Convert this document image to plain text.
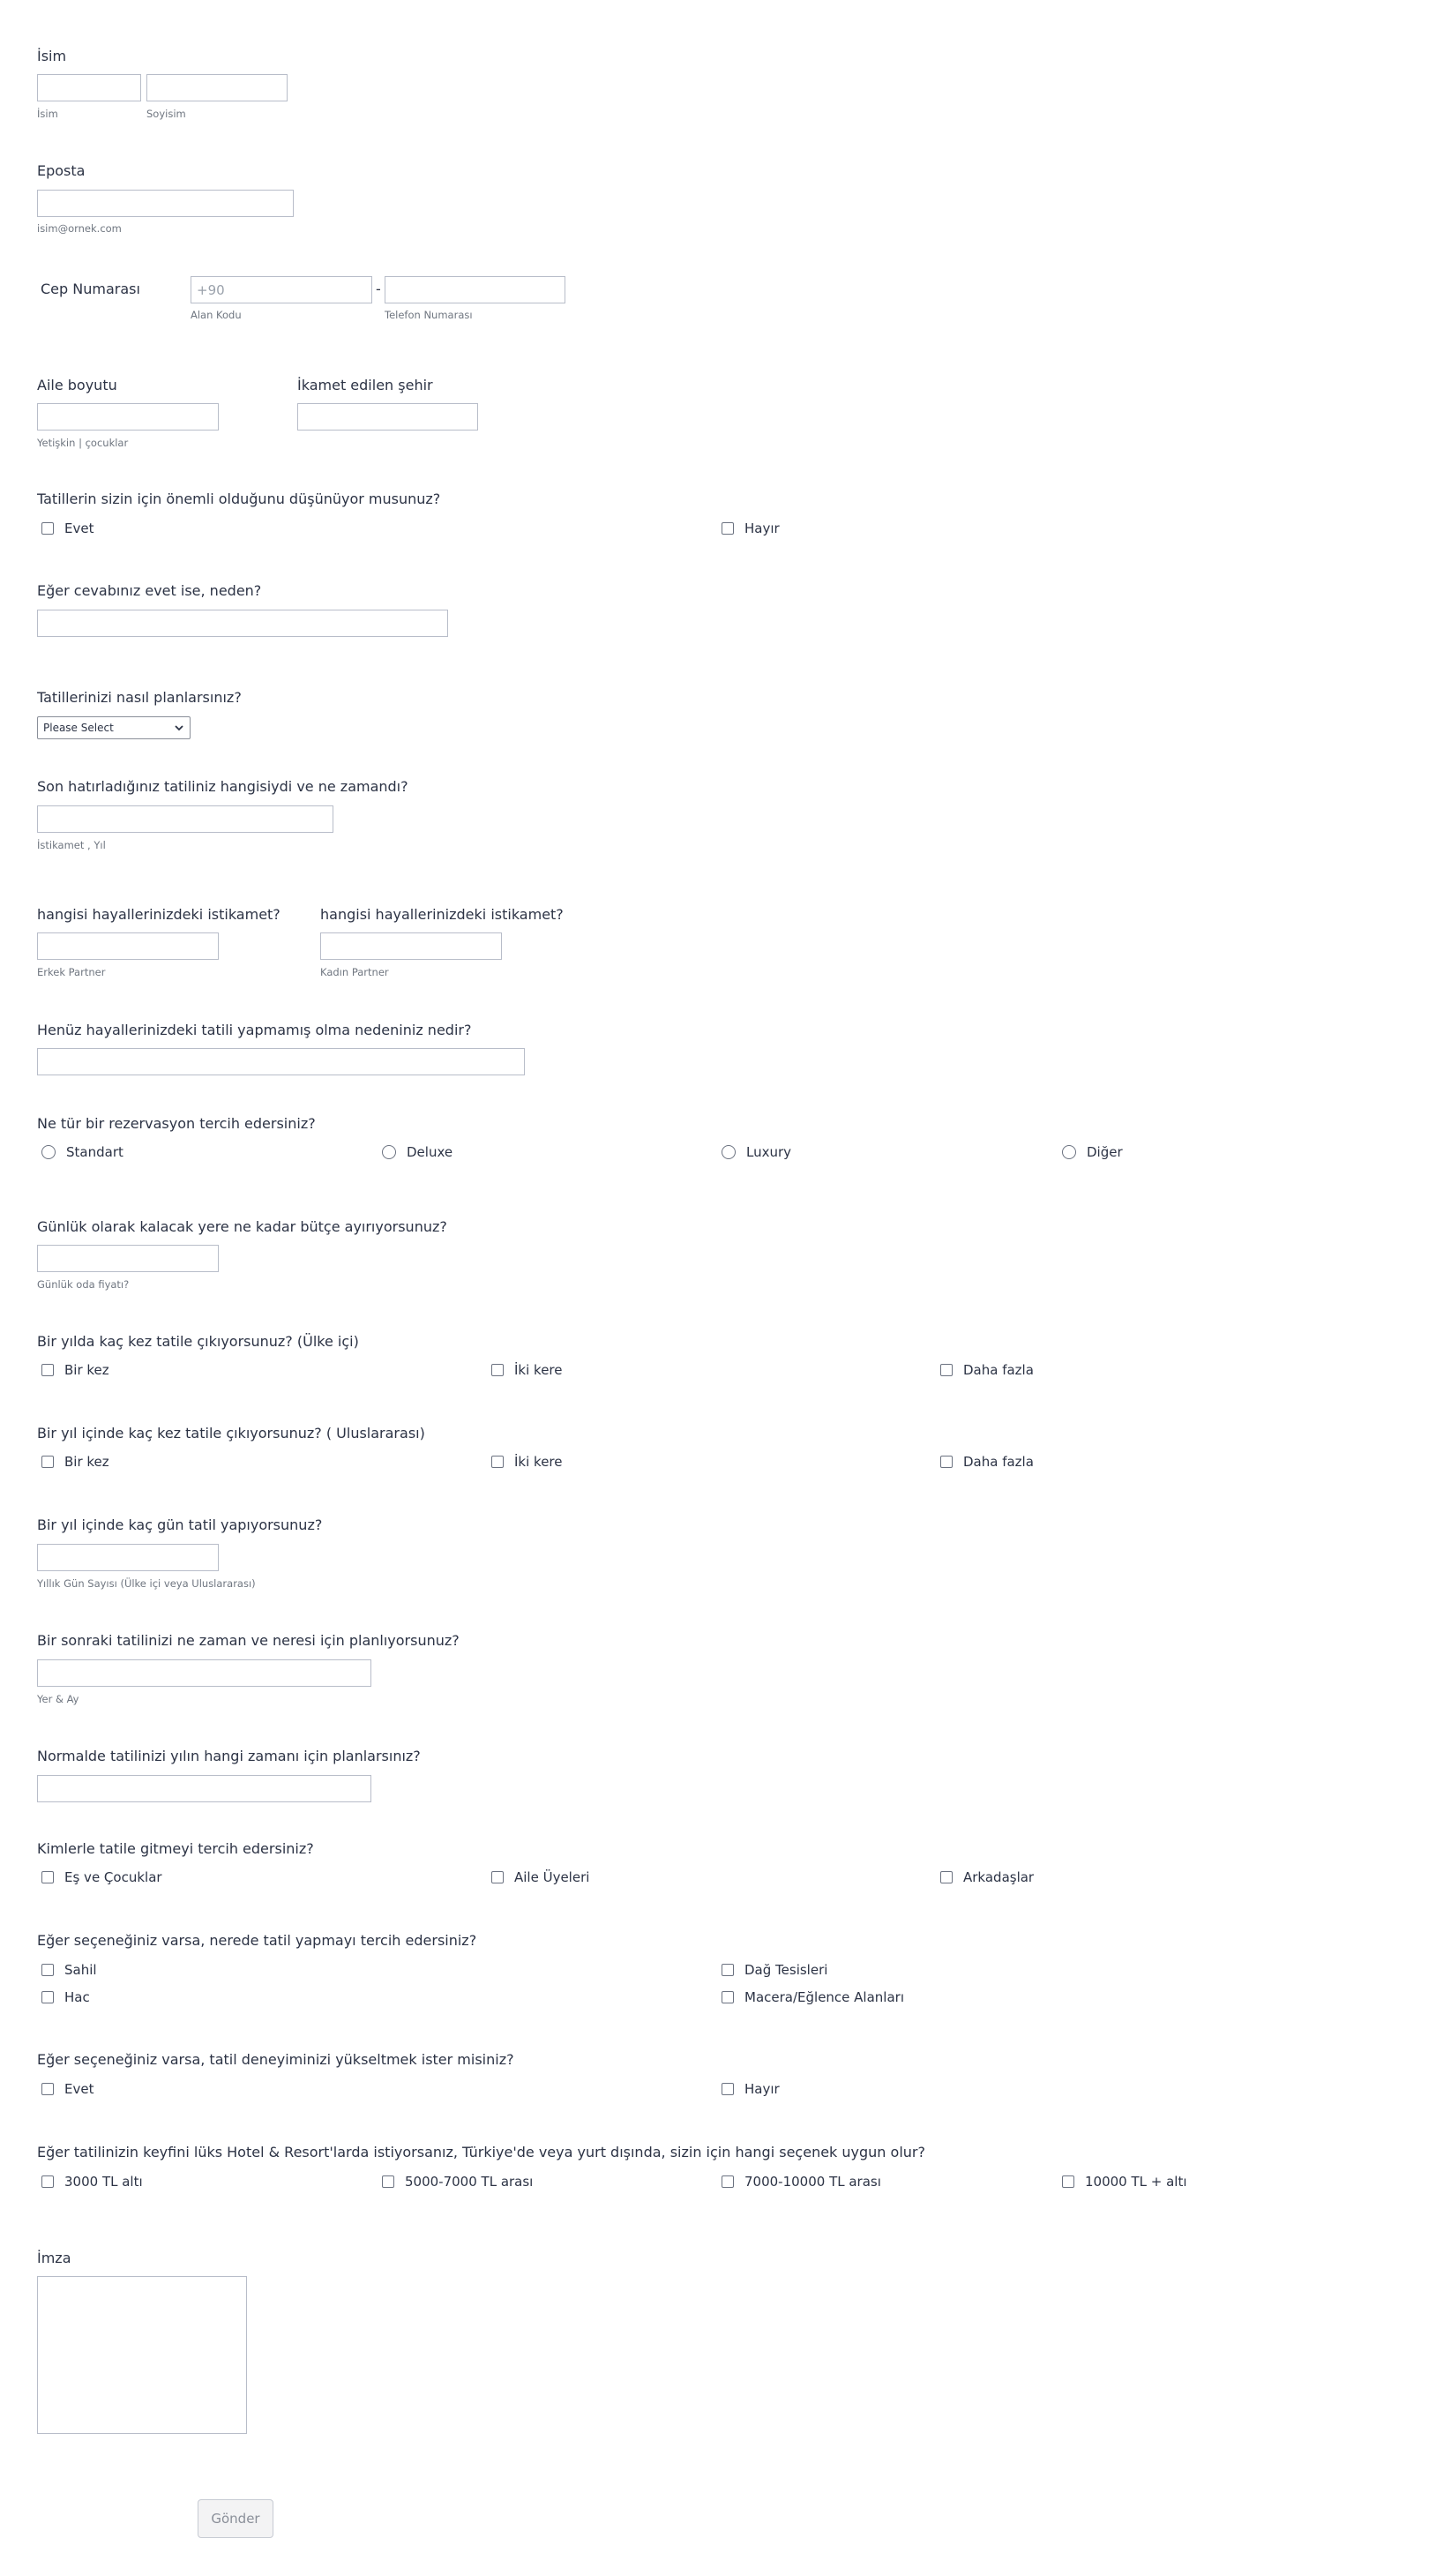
İsim
İsim	Soyisim
Eposta
isim@ornek.com
Cep Numarası
+90	-
Alan Kodu	Telefon Numarası
Aile boyutu
Yetişkin | çocuklar
İkamet edilen şehir
Tatillerin sizin için önemli olduğunu düşünüyor musunuz?
Evet	Hayır
Eğer cevabınız evet ise, neden?
Tatillerinizi nasıl planlarsınız?
Please Select
Son hatırladığınız tatiliniz hangisiydi ve ne zamandı?
İstikamet , Yıl
hangisi hayallerinizdeki istikamet?
Erkek Partner
hangisi hayallerinizdeki istikamet?
Kadın Partner
Henüz hayallerinizdeki tatili yapmamış olma nedeniniz nedir?
Ne tür bir rezervasyon tercih edersiniz?
Standart	Deluxe	Luxury	Diğer
Günlük olarak kalacak yere ne kadar bütçe ayırıyorsunuz?
Günlük oda fiyatı?
Bir yılda kaç kez tatile çıkıyorsunuz? (Ülke içi)
Bir kez	İki kere	Daha fazla
Bir yıl içinde kaç kez tatile çıkıyorsunuz? ( Uluslararası)
Bir kez	İki kere	Daha fazla
Bir yıl içinde kaç gün tatil yapıyorsunuz?
Yıllık Gün Sayısı (Ülke içi veya Uluslararası)
Bir sonraki tatilinizi ne zaman ve neresi için planlıyorsunuz?
Yer & Ay
Normalde tatilinizi yılın hangi zamanı için planlarsınız?
Kimlerle tatile gitmeyi tercih edersiniz?
Eş ve Çocuklar	Aile Üyeleri	Arkadaşlar
Eğer seçeneğiniz varsa, nerede tatil yapmayı tercih edersiniz?
Sahil	Dağ Tesisleri
Hac	Macera/Eğlence Alanları
Eğer seçeneğiniz varsa, tatil deneyiminizi yükseltmek ister misiniz?
Evet	Hayır
Eğer tatilinizin keyfini lüks Hotel & Resort'larda istiyorsanız, Türkiye'de veya yurt dışında, sizin için hangi seçenek uygun olur?
3000 TL altı	5000-7000 TL arası	7000-10000 TL arası	10000 TL + altı
İmza
Gönder
